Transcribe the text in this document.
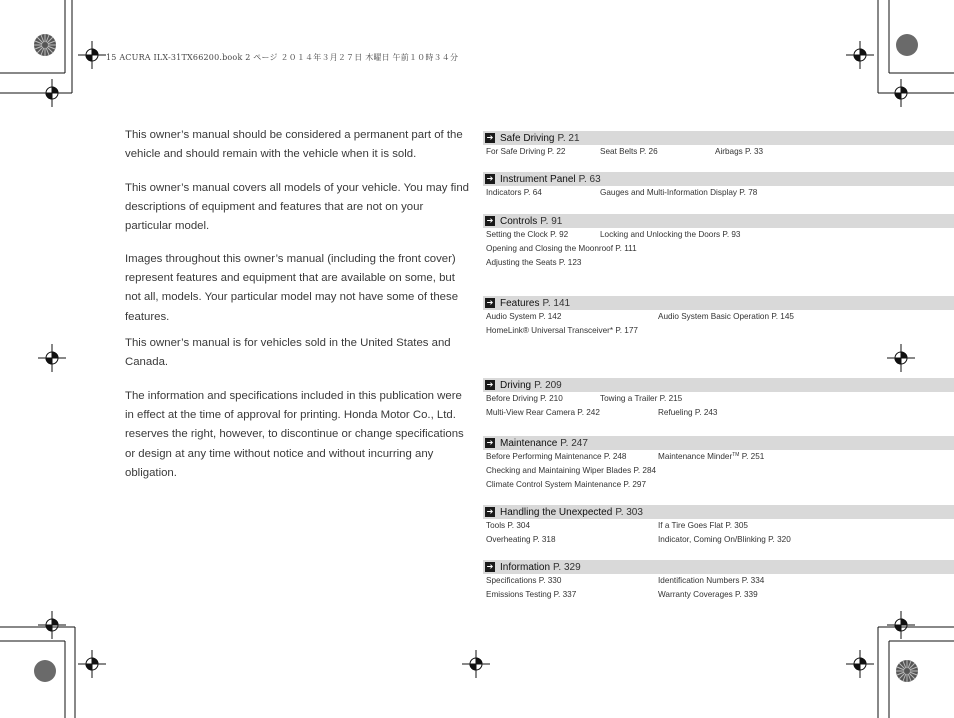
15 ACURA ILX-31TX66200.book 2 ページ ２０１４年３月２７日 木曜日 午前１０時３４分

This owner’s manual should be considered a permanent part of the vehicle and should remain with the vehicle when it is sold.

This owner’s manual covers all models of your vehicle. You may find descriptions of equipment and features that are not on your particular model.

Images throughout this owner’s manual (including the front cover) represent features and equipment that are available on some, but not all, models. Your particular model may not have some of these features.

This owner’s manual is for vehicles sold in the United States and Canada.

The information and specifications included in this publication were in effect at the time of approval for printing. Honda Motor Co., Ltd. reserves the right, however, to discontinue or change specifications or design at any time without notice and without incurring any obligation.

➔ Safe Driving P. 21
For Safe Driving P. 22	Seat Belts P. 26	Airbags P. 33
➔ Instrument Panel P. 63
Indicators P. 64	Gauges and Multi-Information Display P. 78
➔ Controls P. 91
Setting the Clock P. 92	Locking and Unlocking the Doors P. 93
Opening and Closing the Moonroof P. 111
Adjusting the Seats P. 123
➔ Features P. 141
Audio System P. 142	Audio System Basic Operation P. 145
HomeLink® Universal Transceiver* P. 177
➔ Driving P. 209
Before Driving P. 210	Towing a Trailer P. 215
Multi-View Rear Camera P. 242	Refueling P. 243
➔ Maintenance P. 247
Before Performing Maintenance P. 248	Maintenance Minder™ P. 251
Checking and Maintaining Wiper Blades P. 284
Climate Control System Maintenance P. 297
➔ Handling the Unexpected P. 303
Tools P. 304	If a Tire Goes Flat P. 305
Overheating P. 318	Indicator, Coming On/Blinking P. 320
➔ Information P. 329
Specifications P. 330	Identification Numbers P. 334
Emissions Testing P. 337	Warranty Coverages P. 339
